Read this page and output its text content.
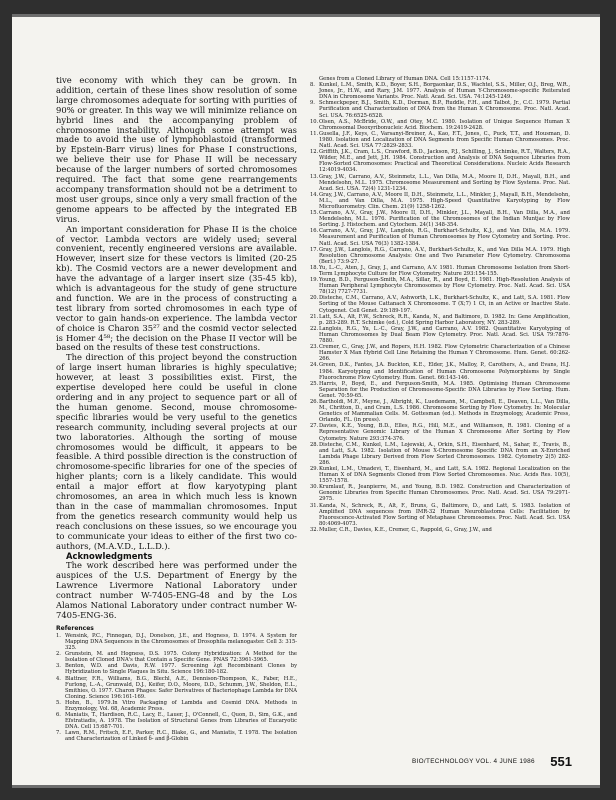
tive economy with which they can be grown. In addition, certain of these lines show resolution of some large chromosomes adequate for sorting with purities of 90% or greater. In this way we will minimize reliance on hybrid lines and the accompanying problem of chromosome instability. Although some attempt was made to avoid the use of lymphoblastoid (transformed by Epstein-Barr virus) lines for Phase I constructions, we believe their use for Phase II will be necessary because of the larger numbers of sorted chromosomes required. The fact that some gene rearrangements accompany transformation should not be a detriment to most user groups, since only a very small fraction of the genome appears to be affected by the integrated EB virus.

An important consideration for Phase II is the choice of vector. Lambda vectors are widely used; several convenient, recently engineered versions are available. However, insert size for these vectors is limited (20-25 kb). The Cosmid vectors are a newer development and have the advantage of a larger insert size (35-45 kb), which is advantageous for the study of gene structure and function. We are in the process of constructing a test library from sorted chromosomes in each type of vector to gain hands-on experience. The lambda vector of choice is Charon 35²⁷ and the cosmid vector selected is Homer 4⁵⁸; the decision on the Phase II vector will be based on the results of these test constructions.

The direction of this project beyond the construction of large insert human libraries is highly speculative; however, at least 3 possibilities exist. First, the expertise developed here could be useful in clone ordering and in any project to sequence part or all of the human genome. Second, mouse chromosome-specific libraries would be very useful to the genetics research community, including several projects at our two laboratories. Although the sorting of mouse chromosomes would be difficult, it appears to be feasible. A third possible direction is the construction of chromosome-specific libraries for one of the species of higher plants; corn is a likely candidate. This would entail a major effort at flow karyotyping plant chromosomes, an area in which much less is known than in the case of mammalian chromosomes. Input from the genetics research community would help us reach conclusions on these issues, so we encourage you to communicate your ideas to either of the first two co-authors, (M.A.V.D., L.L.D.).

Acknowledgments

The work described here was performed under the auspices of the U.S. Department of Energy by the Lawrence Livermore National Laboratory under contract number W-7405-ENG-48 and by the Los Alamos National Laboratory under contract number W-7405-ENG-36.

References
1. Wensink, P.C., Finnegan, D.J., Donelson, J.E., and Hogness, D. 1974. A System for Mapping DNA Sequences in the Chromosomes of Drosophila melanogaster. Cell 3: 315-325.
2. Grunstein, M. and Hogness, D.S. 1975. Colony Hybridization: A Method for the Isolation of Cloned DNA's that Contain a Specific Gene. PNAS 72:3961-3965.
3. Benton, W.D. and Davis, R.W. 1977. Screening λgt Recombinant Clones by Hybridization to Single Plaques In Situ. Science 196:180-182.
4. Blattner, F.R., Williams, B.G., Blechl, A.E., Dennison-Thompson, K., Faber, H.E., Furlong, L.-A., Grunwald, D.J., Keifer, D.O., Moore, D.D., Schumm, J.W., Sheldon, E.L., Smithies, O. 1977. Charon Phages: Safer Derivatives of Bacteriophage Lambda for DNA Cloning. Science 196:161-169.
5. Hohn, B., 1979.In Vitro Packaging of Lambda and Cosmid DNA. Methods in Enzymology, Vol. 68, Academic Press.
6. Maniatis, T., Hardison, R.C., Lacy, E., Lauer, J., O'Connell, C., Quon, D., Sim, G.K., and Efstratiadis, A. 1978. The Isolation of Structural Genes from Libraries of Eucaryotic DNA. Cell 15:687-701.
7. Lawn, R.M., Fritsch, E.F., Parker, R.C., Blake, G., and Maniatis, T. 1978. The Isolation and Characterization of Linked δ- and β-Globin
Genes from a Cloned Library of Human DNA. Cell 15:1157-1174.
8. Kunkel, L.M., Smith, K.D., Boyer, S.H., Borgaonkar, D.S., Wachtel, S.S., Miller, O.J., Breg, W.R., Jones, Jr., H.W., and Rary, J.M. 1977. Analysis of Human Y-Chromosome-specific Reiterated DNA in Chromosome Variants. Proc. Natl. Acad. Sci. USA. 74:1245-1249.
9. Schmeckpeper, B.J., Smith, K.D., Dorman, B.P., Ruddle, F.H., and Talbot, Jr., C.C. 1979. Partial Purification and Characterization of DNA from the Human X Chromosome. Proc. Natl. Acad. Sci. USA. 76:6525-6528.
10.Olsen, A.S., McBride, O.W., and Otey, M.C. 1980. Isolation of Unique Sequence Human X Chromosomal Deoxyribonucleic Acid. Biochem. 19:2419-2428.
11.Gusella, J.F., Keys, C., Varsanyi-Breiner, A., Kao, F.T., Jones, C., Puck, T.T., and Housman, D. 1980. Isolation and Localization of DNA Segments from Specific Human Chromosomes. Proc. Natl. Acad. Sci. USA 77:2829-2833.
12.Griffith, J.K., Cram, L.S., Crawford, B.D., Jackson, P.J., Schilling, J., Schimke, R.T., Walters, R.A., Wilder, M.E., and Jett, J.H. 1984. Construction and Analysis of DNA Sequence Libraries from Flow-Sorted Chromosomes: Practical and Theoretical Considerations. Nucleic Acids Research 12:4019-4034.
13.Gray, J.W., Carrano, A.V., Steinmetz, L.L., Van Dilla, M.A., Moore II, D.H., Mayall, B.H., and Mendelsohn, M.L. 1975. Chromosome Measurement and Sorting by Flow Systems. Proc. Nat. Acad. Sci. USA. 72(4) 1231-1234.
14.Gray, J.W., Carrano, A.V., Moore II, D.H., Steinmetz, L.L., Minkler, J., Mayall, B.H., Mendelsohn, M.L., and Van Dilla, M.A. 1975. High-Speed Quantitative Karyotyping by Flow Microfluorometry. Clin. Chem. 21(9) 1258-1262.
15.Carrano, A.V., Gray, J.W., Moore II, D.H., Minkler, J.L., Mayall, B.H., Van Dilla, M.A., and Mendelsohn, M.L. 1976. Purification of the Chromosomes of the Indian Muntjac by Flow Sorting. J. Histochem. and Cytochem. 24(1) 348-354.
16.Carrano, A.V., Gray, J.W., Langlois, R.G., Burkhart-Schultz, K.J., and Van Dilla, M.A. 1979. Measurement and Purification of Human Chromosomes by Flow Cytometry and Sorting. Proc. Natl. Acad. Sci. USA 76(3) 1382-1384.
17.Gray, J.W., Langlois, R.G., Carrano, A.V., Burkhart-Schultz, K., and Van Dilla M.A. 1979. High Resolution Chromosome Analysis: One and Two Parameter Flow Cytometry. Chromosoma (Berl.) 73:9-27.
18.Yu, L.-C., Aten, J., Gray, J., and Carrano, A.V. 1981. Human Chromosome Isolation from Short-Term Lymphocyte Culture for Flow Cytometry. Nature 293:154-155.
19.Young, B.D., Ferguson-Smith, M.A., Sillar, R., and Boyd, E. 1981. High-Resolution Analysis of Human Peripheral Lymphocyte Chromosomes by Flow Cytometry. Proc. Natl. Acad. Sci. USA 78(12) 7727-7731.
20.Disteche, C.M., Carrano, A.V., Ashworth, L.K., Burkhart-Schultz, K., and Latt, S.A. 1981. Flow Sorting of the Mouse Cattanach X Chromosome. T (X;7) 1 Ct, in an Active or Inactive State. Cytogenet. Cell Genet. 29:189-197.
21.Latt, S.A., Alt, F.W., Schreck, R.R., Kanda, N., and Baltimore, D. 1982. In: Gene Amplification, p. 283-289. R.T. Schimke (ed.), Cold Spring Harbor Laboratory, NY. 283-289.
22.Langlois, R.G., Yu, L.-C., Gray, J.W., and Carrano, A.V. 1982. Quantitative Karyotyping of Human Chromosomes by Dual Beam Flow Cytometry. Proc. Natl. Acad. Sci. USA 79:7876-7880.
23.Cremer, C., Gray, J.W., and Ropers, H.H. 1982. Flow Cytometric Characterization of a Chinese Hamster X Man Hybrid Cell Line Retaining the Human Y Chromosome. Hum. Genet. 60:262-266.
24.Green, D.K., Fantes, J.A. Buckton, K.E., Elder, J.K., Malloy, P., Carothers, A., and Evans, H.J. 1984. Karyotyping and Identification of Human Chromosome Polymorphisms by Single Fluorochrome Flow Cytometry. Hum. Genet. 66:143-146.
25.Harris, P., Boyd, E., and Ferguson-Smith, M.A. 1985. Optimising Human Chromosome Separation for the Production of Chromosome-Specific DNA Libraries by Flow Sorting. Hum. Genet. 70:59-65.
26.Bartholdi, M.F., Meyne, J., Albright, K., Luedemann, M., Campbell, E., Deaven, L.L., Van Dilla, M., Chritton, D., and Cram, L.S. 1986. Chromosome Sorting by Flow Cytometry. In: Molecular Genetics of Mammalian Cells. M. Gottesman (ed.). Methods in Enzymology, Academic Press, Orlando, FL. (in press).
27.Davies, K.E., Young, B.D., Elles, R.G., Hill, M.E., and Williamson, R. 1981. Cloning of a Representative Genomic Library of the Human X Chromosome After Sorting by Flow Cytometry. Nature 293:374-376.
28.Disteche, C.M., Kunkel, L.M., Lojewski, A., Orkin, S.H., Eisenhard, M., Sahar, E., Travis, B., and Latt, S.A. 1982. Isolation of Mouse X-Chromosome Specific DNA from an X-Enriched Lambda Phage Library Derived from Flow Sorted Chromosomes. 1982. Cytometry 2(5) 282-286.
29.Kunkel, L.M., Umadevi, T., Eisenhard, M., and Latt, S.A. 1982. Regional Localization on the Human X of DNA Segments Cloned from Flow Sorted Chromosomes. Nuc. Acids Res. 10(5), 1557-1578.
30.Krumlauf, R., Jeanpierre, M., and Young, B.D. 1982. Construction and Characterization of Genomic Libraries from Specific Human Chromosomes. Proc. Natl. Acad. Sci. USA 79:2971-2975.
31.Kanda, N., Schreck, R., Alt, F., Bruns, G., Baltimore, D., and Latt, S. 1983. Isolation of Amplified DNA sequences from IMR-32 Human Neuroblastoma Cells: Facilitation by Fluorescence-Activated Flow Sorting of Metaphase Chromosomes. Proc. Natl. Acad. Sci. USA 80:4069-4073.
32.Muller, C.R., Davies, K.E., Cremer, C., Rappold, G., Gray, J.W., and
BIO/TECHNOLOGY VOL. 4 JUNE 1986 551
